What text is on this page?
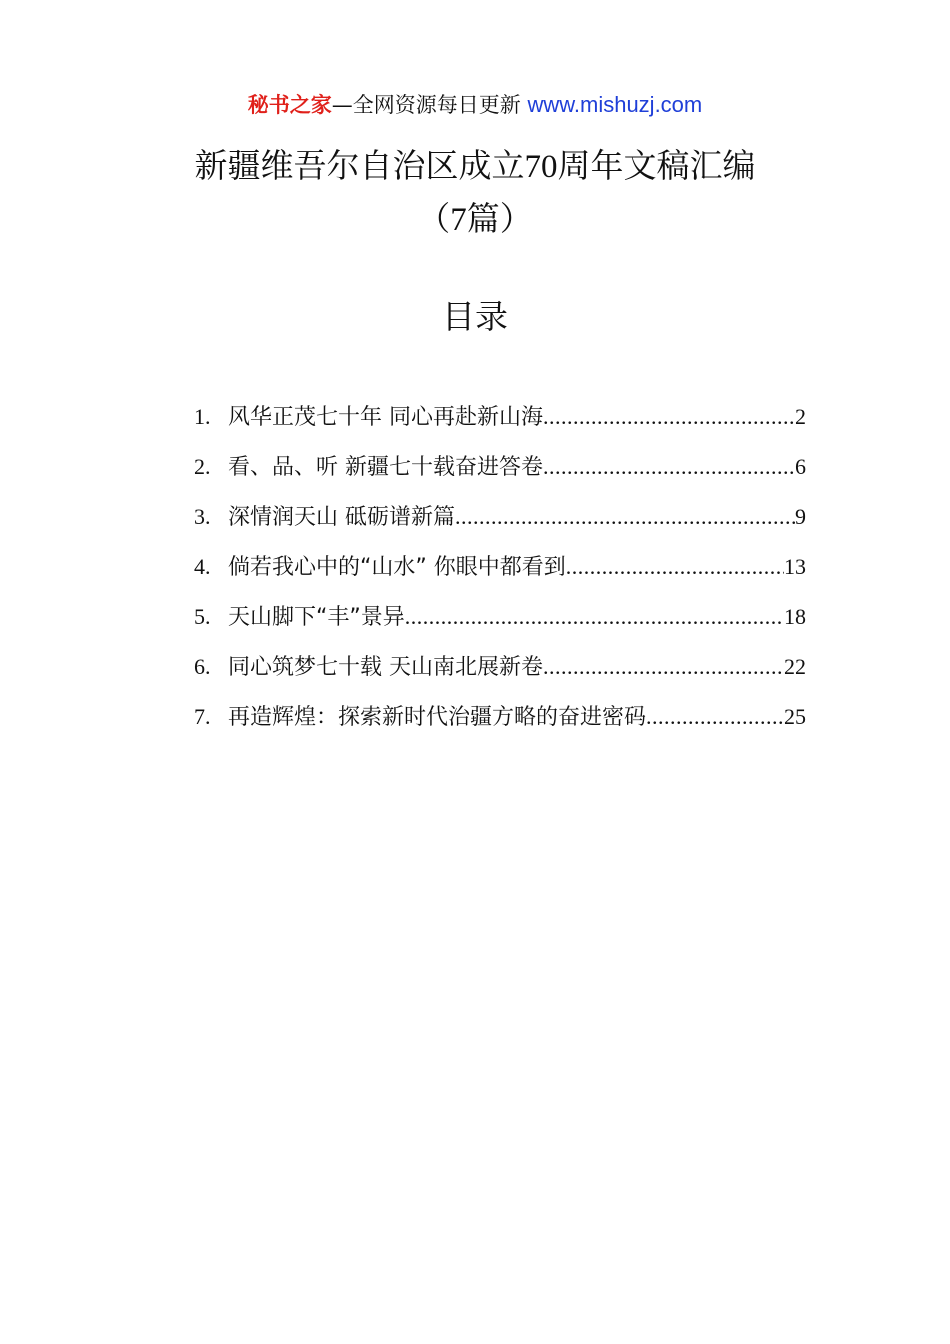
秘书之家—全网资源每日更新 www.mishuzj.com
新疆维吾尔自治区成立70周年文稿汇编
（7篇）
目录
1. 风华正茂七十年 同心再赴新山海 .....	2
2. 看、品、听 新疆七十载奋进答卷 .....	6
3. 深情润天山 砥砺谱新篇 .....	9
4. 倘若我心中的“山水” 你眼中都看到 .....	13
5. 天山脚下“丰”景异 .....	18
6. 同心筑梦七十载 天山南北展新卷 .....	22
7. 再造辉煌：探索新时代治疆方略的奋进密码 .....	25
